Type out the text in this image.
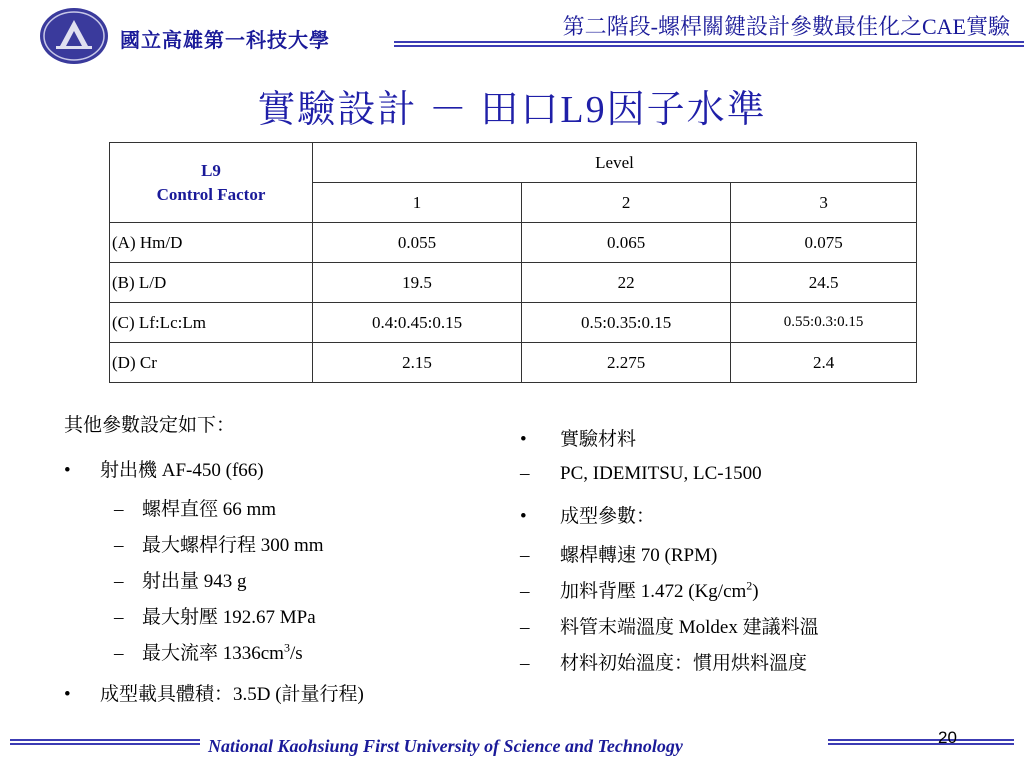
國立高雄第一科技大學
第二階段-螺桿關鍵設計參數最佳化之CAE實驗
實驗設計 － 田口L9因子水準
L9
Control Factor	Level		
	1	2	3
(A) Hm/D	0.055	0.065	0.075
(B) L/D	19.5	22	24.5
(C) Lf:Lc:Lm	0.4:0.45:0.15	0.5:0.35:0.15	0.55:0.3:0.15
(D) Cr	2.15	2.275	2.4
其他參數設定如下：
• 射出機 AF-450 (f66)
– 螺桿直徑 66 mm
– 最大螺桿行程 300 mm
– 射出量 943 g
– 最大射壓 192.67 MPa
– 最大流率 $1336cm^3/s$
• 成型載具體積：3.5D (計量行程)
• 實驗材料
– PC, IDEMITSU, LC-1500
• 成型參數：
– 螺桿轉速 70 (RPM)
– 加料背壓 1.472 $(Kg/cm^2)$
– 料管末端溫度 Moldex 建議料溫
– 材料初始溫度：慣用烘料溫度
National Kaohsiung First University of Science and Technology	20
